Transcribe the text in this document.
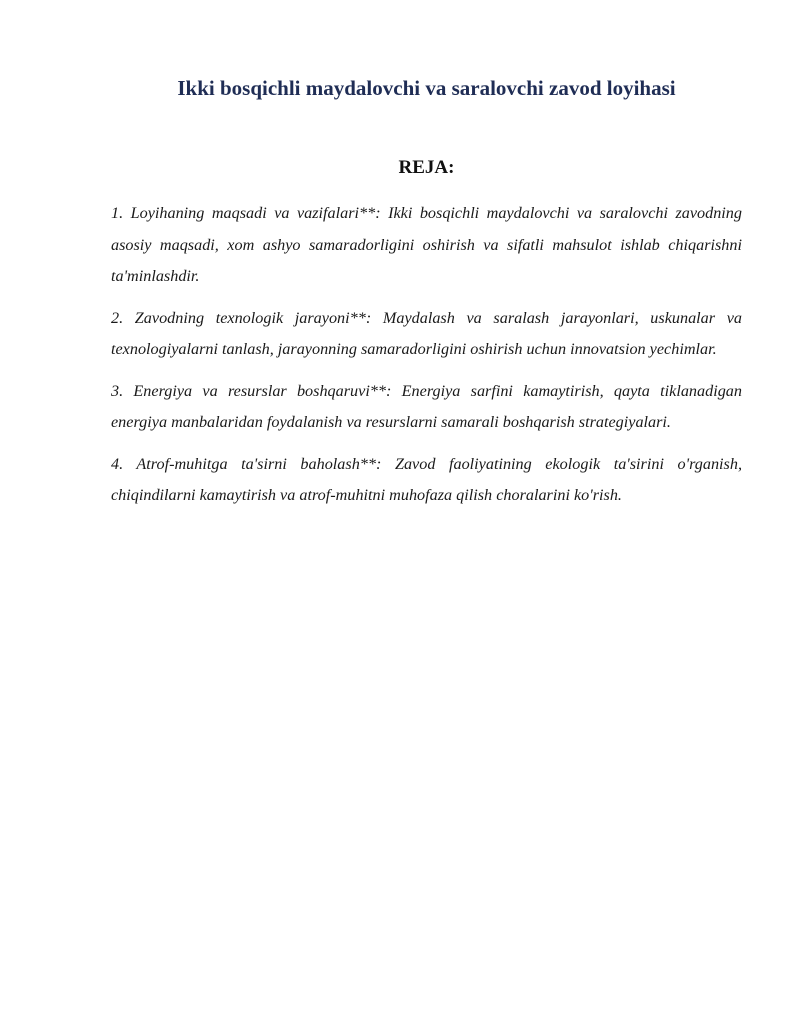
Ikki bosqichli maydalovchi va saralovchi zavod loyihasi
REJA:

1. Loyihaning maqsadi va vazifalari**: Ikki bosqichli maydalovchi va saralovchi zavodning asosiy maqsadi, xom ashyo samaradorligini oshirish va sifatli mahsulot ishlab chiqarishni ta'minlashdir.

2. Zavodning texnologik jarayoni**: Maydalash va saralash jarayonlari, uskunalar va texnologiyalarni tanlash, jarayonning samaradorligini oshirish uchun innovatsion yechimlar.

3. Energiya va resurslar boshqaruvi**: Energiya sarfini kamaytirish, qayta tiklanadigan energiya manbalaridan foydalanish va resurslarni samarali boshqarish strategiyalari.

4. Atrof-muhitga ta'sirni baholash**: Zavod faoliyatining ekologik ta'sirini o'rganish, chiqindilarni kamaytirish va atrof-muhitni muhofaza qilish choralarini ko'rish.
